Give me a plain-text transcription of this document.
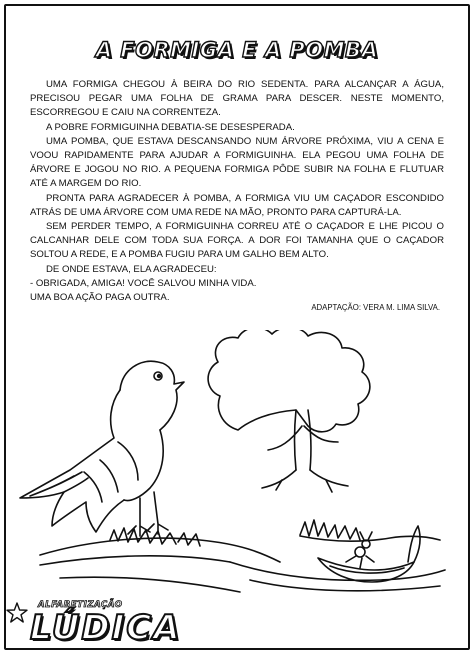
A FORMIGA E A POMBA

UMA FORMIGA CHEGOU À BEIRA DO RIO SEDENTA. PARA ALCANÇAR A ÁGUA, PRECISOU PEGAR UMA FOLHA DE GRAMA PARA DESCER. NESTE MOMENTO, ESCORREGOU E CAIU NA CORRENTEZA.

A POBRE FORMIGUINHA DEBATIA-SE DESESPERADA.

UMA POMBA, QUE ESTAVA DESCANSANDO NUM ÁRVORE PRÓXIMA, VIU A CENA E VOOU RAPIDAMENTE PARA AJUDAR A FORMIGUINHA. ELA PEGOU UMA FOLHA DE ÁRVORE E JOGOU NO RIO. A PEQUENA FORMIGA PÔDE SUBIR NA FOLHA E FLUTUAR ATÉ A MARGEM DO RIO.

PRONTA PARA AGRADECER À POMBA, A FORMIGA VIU UM CAÇADOR ESCONDIDO ATRÁS DE UMA ÁRVORE COM UMA REDE NA MÃO, PRONTO PARA CAPTURÁ-LA.

SEM PERDER TEMPO, A FORMIGUINHA CORREU ATÉ O CAÇADOR E LHE PICOU O CALCANHAR DELE COM TODA SUA FORÇA. A DOR FOI TAMANHA QUE O CAÇADOR SOLTOU A REDE, E A POMBA FUGIU PARA UM GALHO BEM ALTO.

DE ONDE ESTAVA, ELA AGRADECEU:

- OBRIGADA, AMIGA! VOCÊ SALVOU MINHA VIDA.

UMA BOA AÇÃO PAGA OUTRA.

ADAPTAÇÃO: VERA M. LIMA SILVA.
ALFABETIZAÇÃO
LÚDICA
